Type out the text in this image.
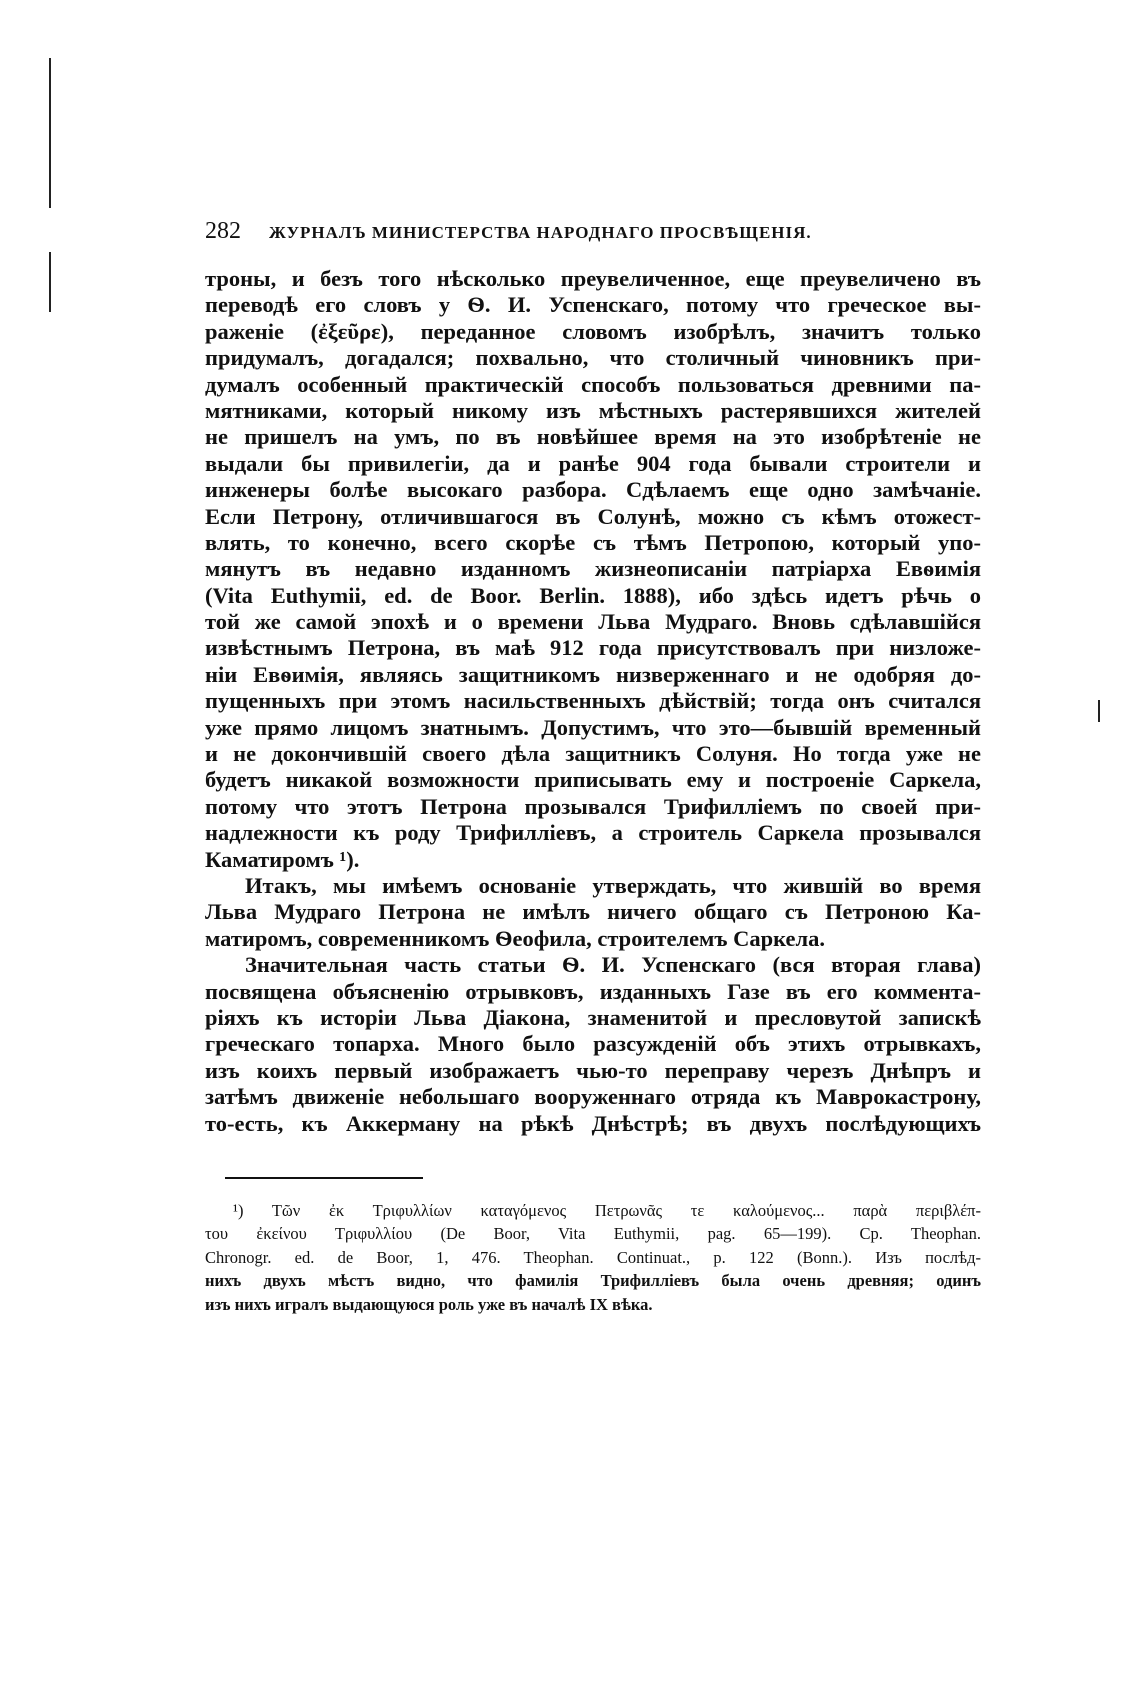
282	ЖУРНАЛЪ МИНИСТЕРСТВА НАРОДНАГО ПРОСВѢЩЕНІЯ.
троны, и безъ того нѣсколько преувеличенное, еще преувеличено въ
переводѣ его словъ у Ѳ. И. Успенскаго, потому что греческое вы-
раженіе (ἐξεῦρε), переданное словомъ изобрѣлъ, значитъ только
придумалъ, догадался; похвально, что столичный чиновникъ при-
думалъ особенный практическій способъ пользоваться древними па-
мятниками, который никому изъ мѣстныхъ растерявшихся жителей
не пришелъ на умъ, по въ новѣйшее время на это изобрѣтеніе не
выдали бы привилегіи, да и ранѣе 904 года бывали строители и
инженеры болѣе высокаго разбора. Сдѣлаемъ еще одно замѣчаніе.
Если Петрону, отличившагося въ Солунѣ, можно съ кѣмъ отожест-
влять, то конечно, всего скорѣе съ тѣмъ Петропою, который упо-
мянутъ въ недавно изданномъ жизнеописаніи патріарха Евѳимія
(Vita Euthymii, ed. de Boor. Berlin. 1888), ибо здѣсь идетъ рѣчь о
той же самой эпохѣ и о времени Льва Мудраго. Вновь сдѣлавшійся
извѣстнымъ Петрона, въ маѣ 912 года присутствовалъ при низложе-
ніи Евѳимія, являясь защитникомъ низверженнаго и не одобряя до-
пущенныхъ при этомъ насильственныхъ дѣйствій; тогда онъ считался
уже прямо лицомъ знатнымъ. Допустимъ, что это—бывшій временный
и не докончившій своего дѣла защитникъ Солуня. Но тогда уже не
будетъ никакой возможности приписывать ему и построеніе Саркела,
потому что этотъ Петрона прозывался Трифилліемъ по своей при-
надлежности къ роду Трифилліевъ, а строитель Саркела прозывался
Каматиромъ ¹).
Итакъ, мы имѣемъ основаніе утверждать, что жившій во время
Льва Мудраго Петрона не имѣлъ ничего общаго съ Петроною Ка-
матиромъ, современникомъ Ѳеофила, строителемъ Саркела.
Значительная часть статьи Ѳ. И. Успенскаго (вся вторая глава)
посвящена объясненію отрывковъ, изданныхъ Газе въ его коммента-
ріяхъ къ исторіи Льва Діакона, знаменитой и пресловутой запискѣ
греческаго топарха. Много было разсужденій объ этихъ отрывкахъ,
изъ коихъ первый изображаетъ чью-то переправу черезъ Днѣпръ и
затѣмъ движеніе небольшаго вооруженнаго отряда къ Маврокастрону,
то-есть, къ Аккерману на рѣкѣ Днѣстрѣ; въ двухъ послѣдующихъ
¹) Τῶν ἐκ Τριφυλλίων καταγόμενος Πετρωνᾶς τε καλούμενος... παρὰ περιβλέπ-
του ἐκείνου Τριφυλλίου (De Boor, Vita Euthymii, pag. 65—199). Cp. Theophan.
Chronogr. ed. de Boor, 1, 476. Theophan. Continuat., p. 122 (Bonn.). Изъ послѣд-
нихъ двухъ мѣстъ видно, что фамилія Трифилліевъ была очень древняя; одинъ
изъ нихъ игралъ выдающуюся роль уже въ началѣ IX вѣка.
